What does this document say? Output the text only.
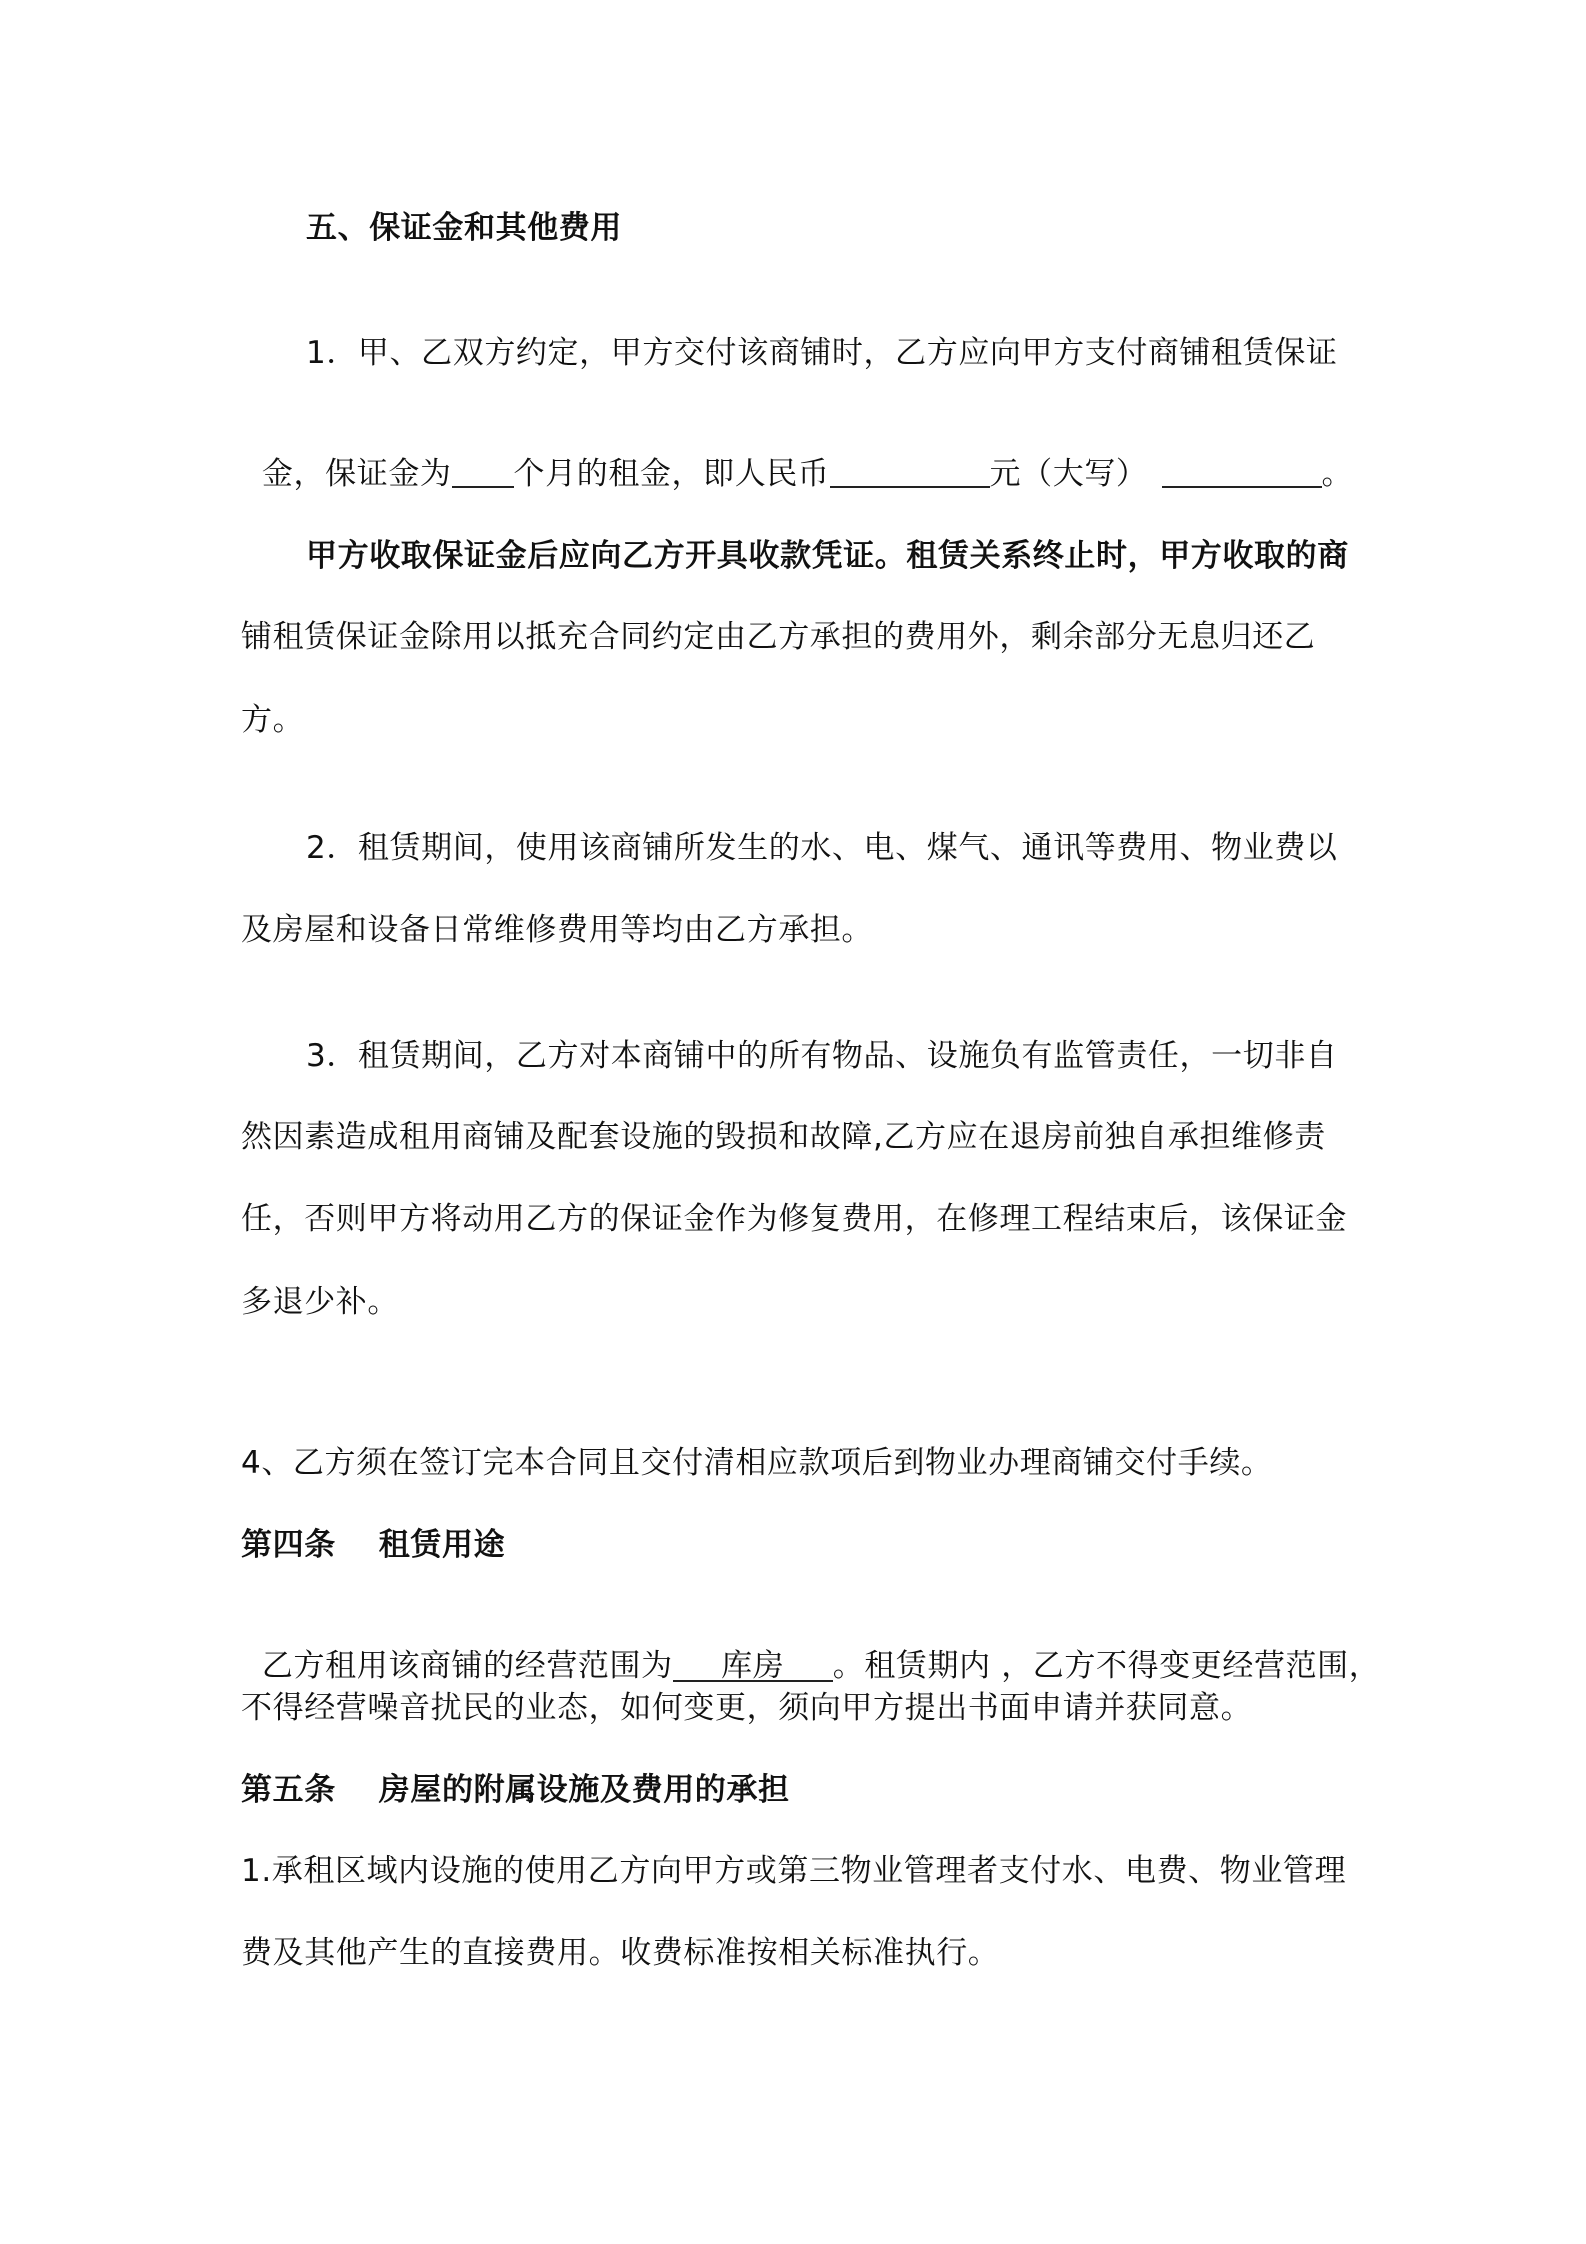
五、保证金和其他费用
1．甲、乙双方约定，甲方交付该商铺时，乙方应向甲方支付商铺租赁保证

金，保证金为 个月的租金，即人民币	元（大写）	。

甲方收取保证金后应向乙方开具收款凭证。租赁关系终止时，甲方收取的商
铺租赁保证金除用以抵充合同约定由乙方承担的费用外，剩余部分无息归还乙
方。
2．租赁期间，使用该商铺所发生的水、电、煤气、通讯等费用、物业费以
及房屋和设备日常维修费用等均由乙方承担。
3．租赁期间，乙方对本商铺中的所有物品、设施负有监管责任，一切非自
然因素造成租用商铺及配套设施的毁损和故障,乙方应在退房前独自承担维修责
任，否则甲方将动用乙方的保证金作为修复费用，在修理工程结束后，该保证金
多退少补。
4、乙方须在签订完本合同且交付清相应款项后到物业办理商铺交付手续。
第四条　 租赁用途

乙方租用该商铺的经营范围为 库房 。租赁期内 ，乙方不得变更经营范围，

不得经营噪音扰民的业态，如何变更，须向甲方提出书面申请并获同意。
第五条　 房屋的附属设施及费用的承担
1.承租区域内设施的使用乙方向甲方或第三物业管理者支付水、电费、物业管理
费及其他产生的直接费用。收费标准按相关标准执行。
